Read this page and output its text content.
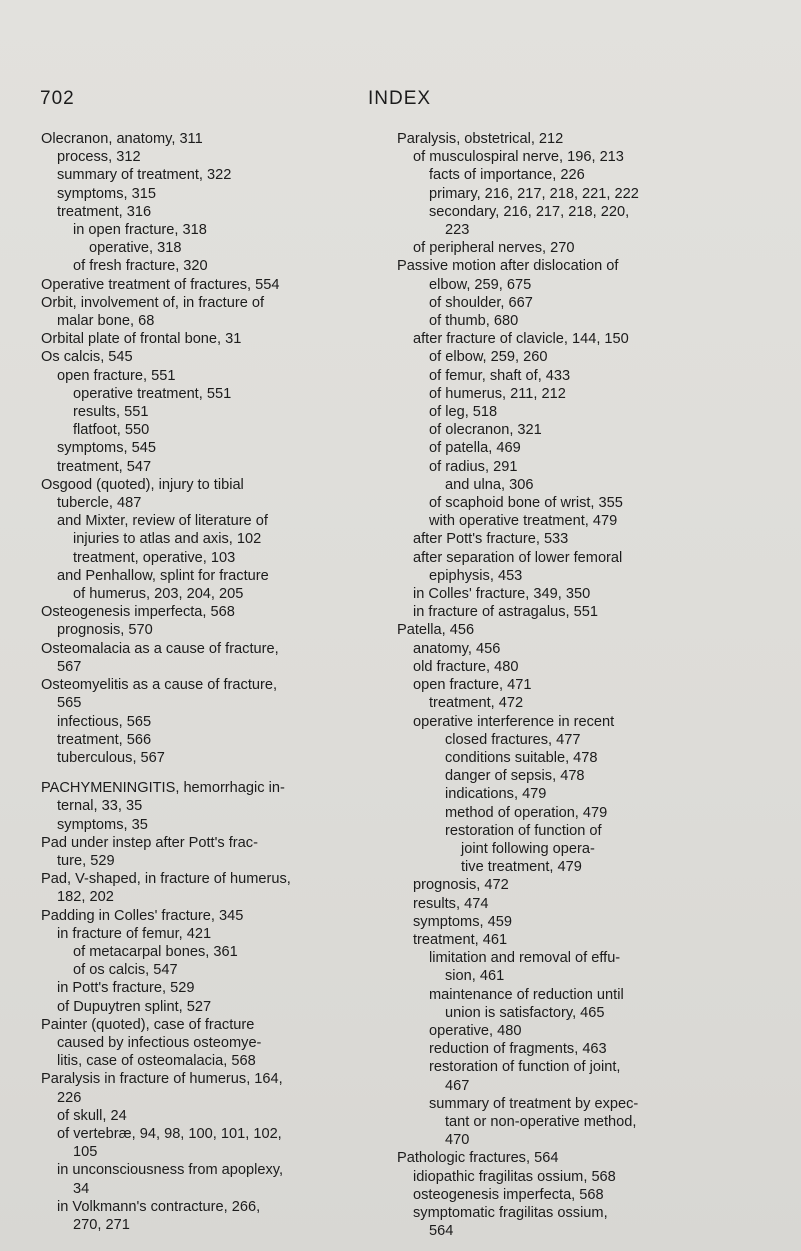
702	INDEX
Olecranon, anatomy, 311
process, 312
summary of treatment, 322
symptoms, 315
treatment, 316
in open fracture, 318
operative, 318
of fresh fracture, 320
Operative treatment of fractures, 554
Orbit, involvement of, in fracture of
malar bone, 68
Orbital plate of frontal bone, 31
Os calcis, 545
open fracture, 551
operative treatment, 551
results, 551
flatfoot, 550
symptoms, 545
treatment, 547
Osgood (quoted), injury to tibial
tubercle, 487
and Mixter, review of literature of
injuries to atlas and axis, 102
treatment, operative, 103
and Penhallow, splint for fracture
of humerus, 203, 204, 205
Osteogenesis imperfecta, 568
prognosis, 570
Osteomalacia as a cause of fracture,
567
Osteomyelitis as a cause of fracture,
565
infectious, 565
treatment, 566
tuberculous, 567
PACHYMENINGITIS, hemorrhagic in-
ternal, 33, 35
symptoms, 35
Pad under instep after Pott's frac-
ture, 529
Pad, V-shaped, in fracture of humerus,
182, 202
Padding in Colles' fracture, 345
in fracture of femur, 421
of metacarpal bones, 361
of os calcis, 547
in Pott's fracture, 529
of Dupuytren splint, 527
Painter (quoted), case of fracture
caused by infectious osteomye-
litis, case of osteomalacia, 568
Paralysis in fracture of humerus, 164,
226
of skull, 24
of vertebræ, 94, 98, 100, 101, 102,
105
in unconsciousness from apoplexy,
34
in Volkmann's contracture, 266,
270, 271
Paralysis, obstetrical, 212
of musculospiral nerve, 196, 213
facts of importance, 226
primary, 216, 217, 218, 221, 222
secondary, 216, 217, 218, 220,
223
of peripheral nerves, 270
Passive motion after dislocation of
elbow, 259, 675
of shoulder, 667
of thumb, 680
after fracture of clavicle, 144, 150
of elbow, 259, 260
of femur, shaft of, 433
of humerus, 211, 212
of leg, 518
of olecranon, 321
of patella, 469
of radius, 291
and ulna, 306
of scaphoid bone of wrist, 355
with operative treatment, 479
after Pott's fracture, 533
after separation of lower femoral
epiphysis, 453
in Colles' fracture, 349, 350
in fracture of astragalus, 551
Patella, 456
anatomy, 456
old fracture, 480
open fracture, 471
treatment, 472
operative interference in recent
closed fractures, 477
conditions suitable, 478
danger of sepsis, 478
indications, 479
method of operation, 479
restoration of function of
joint following opera-
tive treatment, 479
prognosis, 472
results, 474
symptoms, 459
treatment, 461
limitation and removal of effu-
sion, 461
maintenance of reduction until
union is satisfactory, 465
operative, 480
reduction of fragments, 463
restoration of function of joint,
467
summary of treatment by expec-
tant or non-operative method,
470
Pathologic fractures, 564
idiopathic fragilitas ossium, 568
osteogenesis imperfecta, 568
symptomatic fragilitas ossium,
564
